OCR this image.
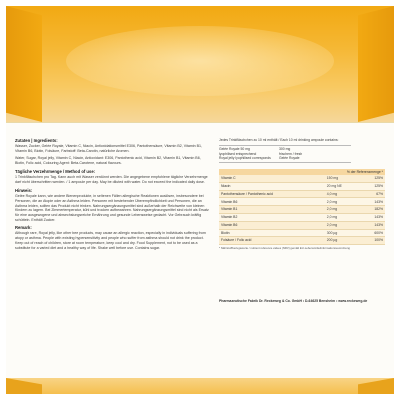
Zutaten | Ingredients:

Wasser, Zucker, Gelée Royale, Vitamin C, Niacin, Antioxidationsmittel E306, Pantothensäure, Vitamin B2, Vitamin B1, Vitamin B6, Biotin, Folsäure, Farbstoff: Beta-Carotin, natürliche Aromen.

Water, Sugar, Royal jelly, Vitamin C, Niacin, Antioxidant: E306, Pantothenic acid, Vitamin B2, Vitamin B1, Vitamin B6, Biotin, Folic acid, Colouring Agent: Beta-Carotene, natural flavours.

Tägliche Verzehrmenge / Method of use:

1 Trinkfläschchen pro Tag. Kann auch mit Wasser verdünnt werden. Die angegebene empfohlene tägliche Verzehrmenge darf nicht überschritten werden. / 1 ampoule per day. May be diluted with water. Do not exceed the indicated daily dose.

Hinweis:

Gelée Royale kann, wie andere Bienenprodukte, in seltenen Fällen allergische Reaktionen auslösen, insbesondere bei Personen, die an Atopie oder an Asthma leiden. Personen mit bestehender Überempfindlichkeit und Personen, die an Asthma leiden, sollten das Produkt nicht trinken. Nahrungsergänzungsmittel sind außerhalb der Reichweite von kleinen Kindern zu lagern. Bei Zimmertemperatur, kühl und trocken aufbewahren. Nahrungsergänzungsmittel sind nicht als Ersatz für eine ausgewogene und abwechslungsreiche Ernährung und gesunde Lebensweise gedacht. Vor Gebrauch kräftig schütteln. Enthält Zucker.

Remark:

Although rare, Royal jelly, like other bee products, may cause an allergic reaction, especially in individuals suffering from atopy or asthma. People with existing hypersensitivity and people who suffer from asthma should not drink the product. Keep out of reach of children, store at room temperature, keep cool and dry. Food Supplement, not to be used as a substitute for a varied diet and a healthy way of life. Shake well before use. Contains sugar.

Jedes Trinkfläschchen zu 10 ml enthält / Each 10 ml drinking ampoule contains:
Gelée Royale 50 mg
lyophilised entsprechend
Royal jelly lyophilised corresponds
300 mg
frischem / fresh
Gelée Royale
% der Referenzmenge *		
Vitamin C	150 mg	125%
Niacin	20 mg NE	125%
Pantothensäure / Pantothenic acid	4,0 mg	67%
Vitamin B6	2,0 mg	143%
Vitamin B1	2,0 mg	182%
Vitamin B2	2,0 mg	143%
Vitamin B6	2,0 mg	143%
Biotin	300 µg	600%
Folsäure / Folic acid	200 µg	100%
* Nährstoffbezugswerte / nutrient reference values (NRV) gemäß EU-Lebensmittelinformationsverordnung
Pharmazeutische Fabrik Dr. Reckeweg & Co. GmbH • D-64625 Bensheim • www.reckeweg.de
